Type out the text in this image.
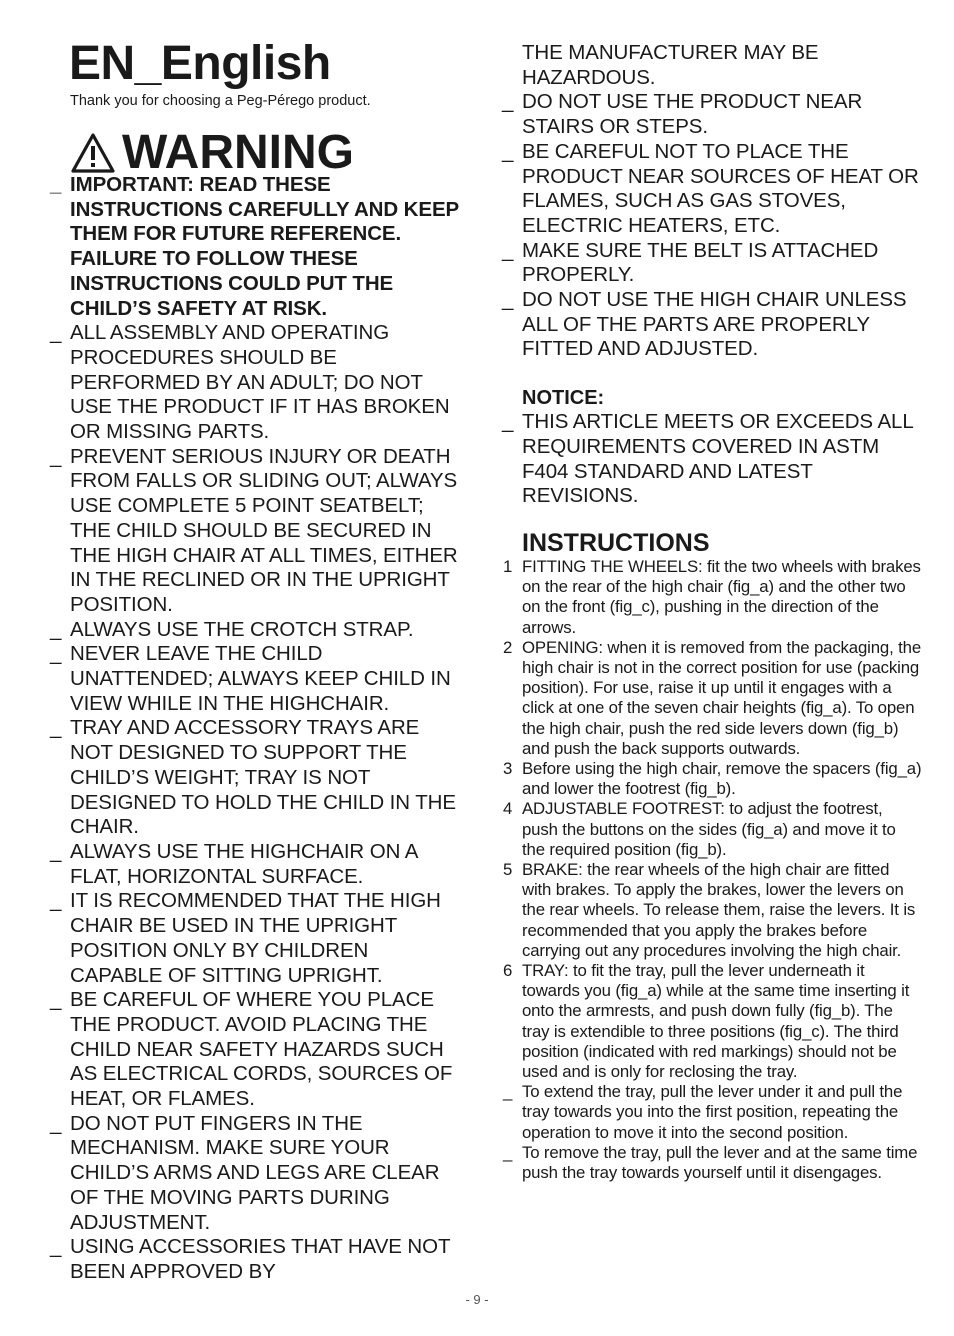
EN_English
Thank you for choosing a Peg-Pérego product.
WARNING
_ IMPORTANT: READ THESE INSTRUCTIONS CAREFULLY AND KEEP THEM FOR FUTURE REFERENCE. FAILURE TO FOLLOW THESE INSTRUCTIONS COULD PUT THE CHILD’S SAFETY AT RISK.
_ ALL ASSEMBLY AND OPERATING PROCEDURES SHOULD BE PERFORMED BY AN ADULT; DO NOT USE THE PRODUCT IF IT HAS BROKEN OR MISSING PARTS.
_ PREVENT SERIOUS INJURY OR DEATH FROM FALLS OR SLIDING OUT; ALWAYS USE COMPLETE 5 POINT SEATBELT; THE CHILD SHOULD BE SECURED IN THE HIGH CHAIR AT ALL TIMES, EITHER IN THE RECLINED OR IN THE UPRIGHT POSITION.
_ ALWAYS USE THE CROTCH STRAP.
_ NEVER LEAVE THE CHILD UNATTENDED; ALWAYS KEEP CHILD IN VIEW WHILE IN THE HIGHCHAIR.
_ TRAY AND ACCESSORY TRAYS ARE NOT DESIGNED TO SUPPORT THE CHILD’S WEIGHT; TRAY IS NOT DESIGNED TO HOLD THE CHILD IN THE CHAIR.
_ ALWAYS USE THE HIGHCHAIR ON A FLAT, HORIZONTAL SURFACE.
_ IT IS RECOMMENDED THAT THE HIGH CHAIR BE USED IN THE UPRIGHT POSITION ONLY BY CHILDREN CAPABLE OF SITTING UPRIGHT.
_ BE CAREFUL OF WHERE YOU PLACE THE PRODUCT. AVOID PLACING THE CHILD NEAR SAFETY HAZARDS SUCH AS ELECTRICAL CORDS, SOURCES OF HEAT, OR FLAMES.
_ DO NOT PUT FINGERS IN THE MECHANISM. MAKE SURE YOUR CHILD’S ARMS AND LEGS ARE CLEAR OF THE MOVING PARTS DURING ADJUSTMENT.
_ USING ACCESSORIES THAT HAVE NOT BEEN APPROVED BY
THE MANUFACTURER MAY BE HAZARDOUS.
_ DO NOT USE THE PRODUCT NEAR STAIRS OR STEPS.
_ BE CAREFUL NOT TO PLACE THE PRODUCT NEAR SOURCES OF HEAT OR FLAMES, SUCH AS GAS STOVES, ELECTRIC HEATERS, ETC.
_ MAKE SURE THE BELT IS ATTACHED PROPERLY.
_ DO NOT USE THE HIGH CHAIR UNLESS ALL OF THE PARTS ARE PROPERLY FITTED AND ADJUSTED.
NOTICE:
_ THIS ARTICLE MEETS OR EXCEEDS ALL REQUIREMENTS COVERED IN ASTM F404 STANDARD AND LATEST REVISIONS.
INSTRUCTIONS
1 FITTING THE WHEELS: fit the two wheels with brakes on the rear of the high chair (fig_a) and the other two on the front (fig_c), pushing in the direction of the arrows.
2 OPENING: when it is removed from the packaging, the high chair is not in the correct position for use (packing position). For use, raise it up until it engages with a click at one of the seven chair heights (fig_a). To open the high chair, push the red side levers down (fig_b) and push the back supports outwards.
3 Before using the high chair, remove the spacers (fig_a) and lower the footrest (fig_b).
4 ADJUSTABLE FOOTREST: to adjust the footrest, push the buttons on the sides (fig_a) and move it to the required position (fig_b).
5 BRAKE: the rear wheels of the high chair are fitted with brakes. To apply the brakes, lower the levers on the rear wheels. To release them, raise the levers. It is recommended that you apply the brakes before carrying out any procedures involving the high chair.
6 TRAY: to fit the tray, pull the lever underneath it towards you (fig_a) while at the same time inserting it onto the armrests, and push down fully (fig_b). The tray is extendible to three positions (fig_c). The third position (indicated with red markings) should not be used and is only for reclosing the tray.
_ To extend the tray, pull the lever under it and pull the tray towards you into the first position, repeating the operation to move it into the second position.
_ To remove the tray, pull the lever and at the same time push the tray towards yourself until it disengages.
- 9 -
